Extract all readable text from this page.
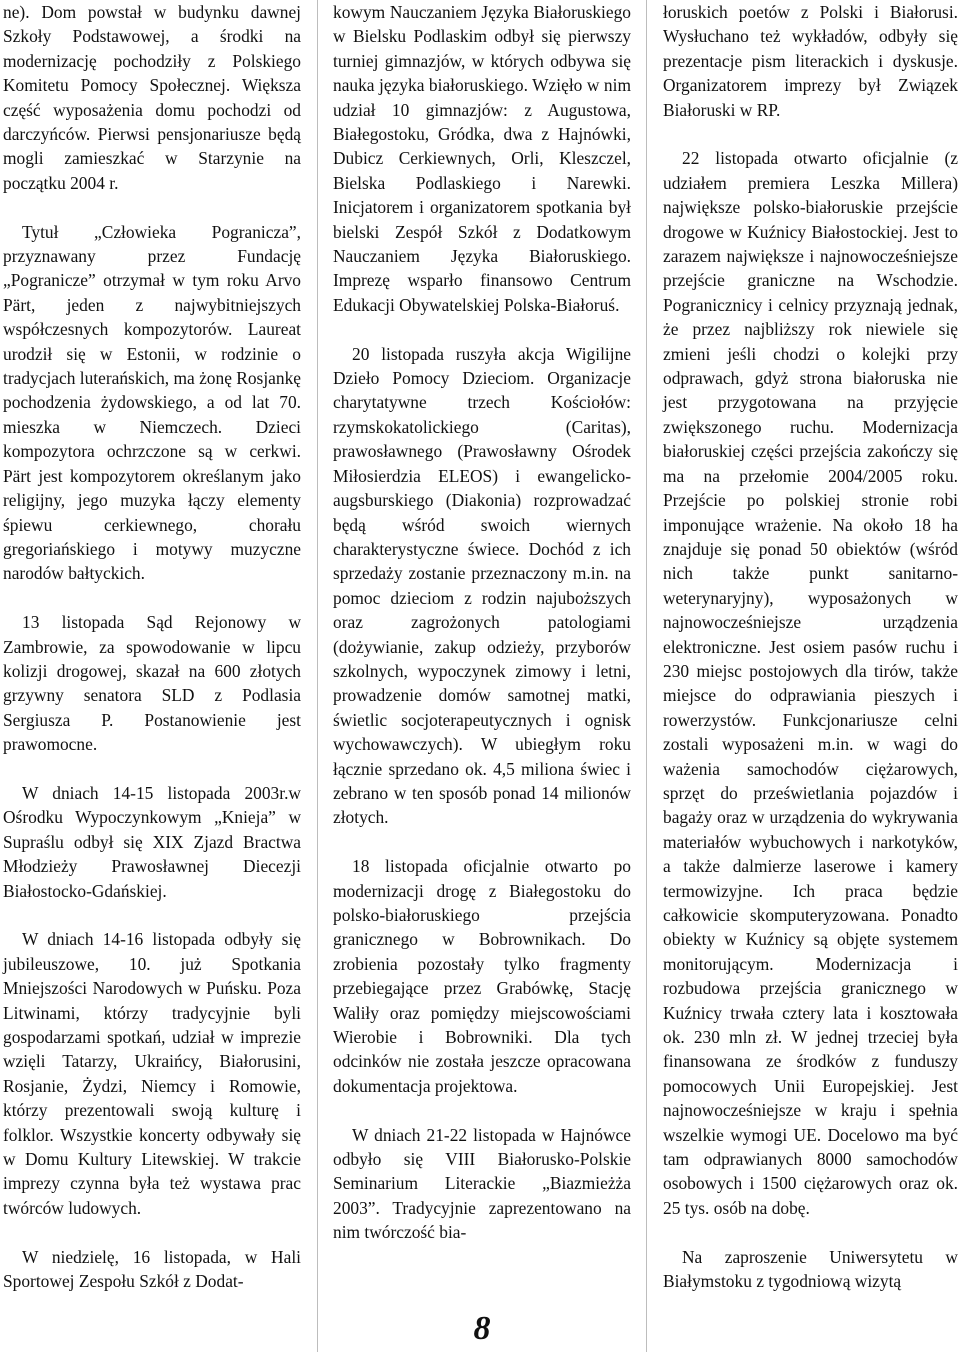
ne). Dom powstał w budynku dawnej Szkoły Podstawowej, a środki na modernizację pochodziły z Polskiego Komitetu Pomocy Społecznej. Większa część wyposażenia domu pochodzi od darczyńców. Pierwsi pensjonariusze będą mogli zamieszkać w Starzynie na początku 2004 r.

Tytuł „Człowieka Pogranicza”, przyznawany przez Fundację „Pogranicze” otrzymał w tym roku Arvo Pärt, jeden z najwybitniejszych współczesnych kompozytorów. Laureat urodził się w Estonii, w rodzinie o tradycjach luterańskich, ma żonę Rosjankę pochodzenia żydowskiego, a od lat 70. mieszka w Niemczech. Dzieci kompozytora ochrzczone są w cerkwi. Pärt jest kompozytorem określanym jako religijny, jego muzyka łączy elementy śpiewu cerkiewnego, chorału gregoriańskiego i motywy muzyczne narodów bałtyckich.

13 listopada Sąd Rejonowy w Zambrowie, za spowodowanie w lipcu kolizji drogowej, skazał na 600 złotych grzywny senatora SLD z Podlasia Sergiusza P. Postanowienie jest prawomocne.

W dniach 14-15 listopada 2003r.w Ośrodku Wypoczynkowym „Knieja” w Supraślu odbył się XIX Zjazd Bractwa Młodzieży Prawosławnej Diecezji Białostocko-Gdańskiej.

W dniach 14-16 listopada odbyły się jubileuszowe, 10. już Spotkania Mniejszości Narodowych w Puńsku. Poza Litwinami, którzy tradycyjnie byli gospodarzami spotkań, udział w imprezie wzięli Tatarzy, Ukraińcy, Białorusini, Rosjanie, Żydzi, Niemcy i Romowie, którzy prezentowali swoją kulturę i folklor. Wszystkie koncerty odbywały się w Domu Kultury Litewskiej. W trakcie imprezy czynna była też wystawa prac twórców ludowych.

W niedzielę, 16 listopada, w Hali Sportowej Zespołu Szkół z Dodat-

kowym Nauczaniem Języka Białoruskiego w Bielsku Podlaskim odbył się pierwszy turniej gimnazjów, w których odbywa się nauka języka białoruskiego. Wzięło w nim udział 10 gimnazjów: z Augustowa, Białegostoku, Gródka, dwa z Hajnówki, Dubicz Cerkiewnych, Orli, Kleszczel, Bielska Podlaskiego i Narewki. Inicjatorem i organizatorem spotkania był bielski Zespół Szkół z Dodatkowym Nauczaniem Języka Białoruskiego. Imprezę wsparło finansowo Centrum Edukacji Obywatelskiej Polska-Białoruś.

20 listopada ruszyła akcja Wigilijne Dzieło Pomocy Dzieciom. Organizacje charytatywne trzech Kościołów: rzymskokatolickiego (Caritas), prawosławnego (Prawosławny Ośrodek Miłosierdzia ELEOS) i ewangelicko-augsburskiego (Diakonia) rozprowadzać będą wśród swoich wiernych charakterystyczne świece. Dochód z ich sprzedaży zostanie przeznaczony m.in. na pomoc dzieciom z rodzin najuboższych oraz zagrożonych patologiami (dożywianie, zakup odzieży, przyborów szkolnych, wypoczynek zimowy i letni, prowadzenie domów samotnej matki, świetlic socjoterapeutycznych i ognisk wychowawczych). W ubiegłym roku łącznie sprzedano ok. 4,5 miliona świec i zebrano w ten sposób ponad 14 milionów złotych.

18 listopada oficjalnie otwarto po modernizacji drogę z Białegostoku do polsko-białoruskiego przejścia granicznego w Bobrownikach. Do zrobienia pozostały tylko fragmenty przebiegające przez Grabówkę, Stację Waliły oraz pomiędzy miejscowościami Wierobie i Bobrowniki. Dla tych odcinków nie została jeszcze opracowana dokumentacja projektowa.

W dniach 21-22 listopada w Hajnówce odbyło się VIII Białorusko-Polskie Seminarium Literackie „Biazmieżża 2003”. Tradycyjnie zaprezentowano na nim twórczość bia-

łoruskich poetów z Polski i Białorusi. Wysłuchano też wykładów, odbyły się prezentacje pism literackich i dyskusje. Organizatorem imprezy był Związek Białoruski w RP.

22 listopada otwarto oficjalnie (z udziałem premiera Leszka Millera) największe polsko-białoruskie przejście drogowe w Kuźnicy Białostockiej. Jest to zarazem największe i najnowocześniejsze przejście graniczne na Wschodzie. Pogranicznicy i celnicy przyznają jednak, że przez najbliższy rok niewiele się zmieni jeśli chodzi o kolejki przy odprawach, gdyż strona białoruska nie jest przygotowana na przyjęcie zwiększonego ruchu. Modernizacja białoruskiej części przejścia zakończy się ma na przełomie 2004/2005 roku. Przejście po polskiej stronie robi imponujące wrażenie. Na około 18 ha znajduje się ponad 50 obiektów (wśród nich także punkt sanitarno-weterynaryjny), wyposażonych w najnowocześniejsze urządzenia elektroniczne. Jest osiem pasów ruchu i 230 miejsc postojowych dla tirów, także miejsce do odprawiania pieszych i rowerzystów. Funkcjonariusze celni zostali wyposażeni m.in. w wagi do ważenia samochodów ciężarowych, sprzęt do prześwietlania pojazdów i bagaży oraz w urządzenia do wykrywania materiałów wybuchowych i narkotyków, a także dalmierze laserowe i kamery termowizyjne. Ich praca będzie całkowicie skomputeryzowana. Ponadto obiekty w Kuźnicy są objęte systemem monitorującym. Modernizacja i rozbudowa przejścia granicznego w Kuźnicy trwała cztery lata i kosztowała ok. 230 mln zł. W jednej trzeciej była finansowana ze środków z funduszy pomocowych Unii Europejskiej. Jest najnowocześniejsze w kraju i spełnia wszelkie wymogi UE. Docelowo ma być tam odprawianych 8000 samochodów osobowych i 1500 ciężarowych oraz ok. 25 tys. osób na dobę.

Na zaproszenie Uniwersytetu w Białymstoku z tygodniową wizytą

8
